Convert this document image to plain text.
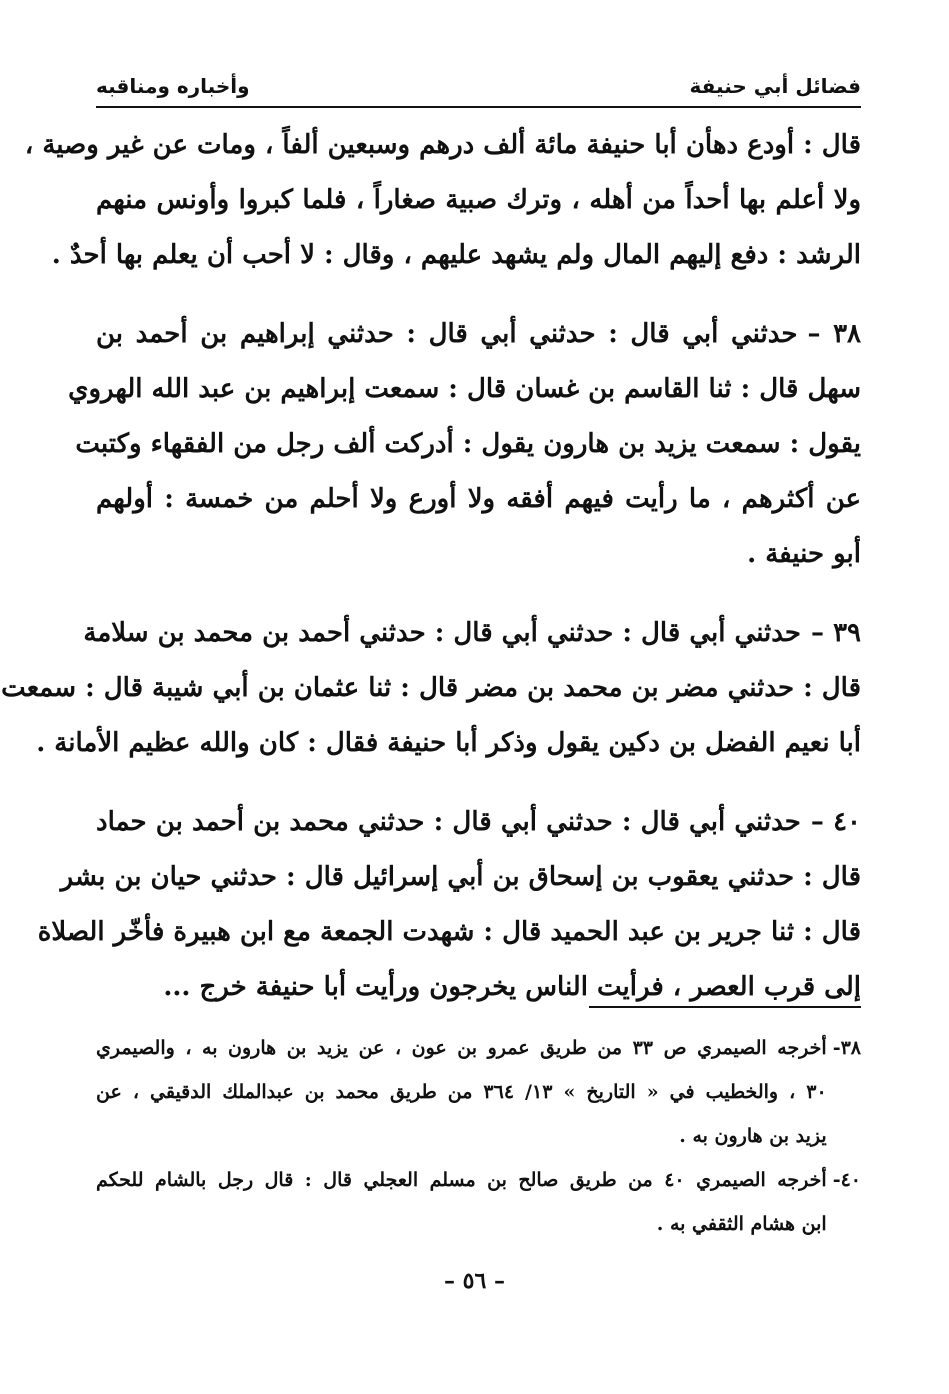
فضائل أبي حنيفة
وأخباره ومناقبه

قال : أودع دهأن أبا حنيفة مائة ألف درهم وسبعين ألفاً ، ومات عن غير وصية ،
ولا أعلم بها أحداً من أهله ، وترك صبية صغاراً ، فلما كبروا وأونس منهم
الرشد : دفع إليهم المال ولم يشهد عليهم ، وقال : لا أحب أن يعلم بها أحدٌ .

٣٨ –حدثني أبي قال : حدثني أبي قال : حدثني إبراهيم بن أحمد بن
سهل قال : ثنا القاسم بن غسان قال : سمعت إبراهيم بن عبد الله الهروي
يقول : سمعت يزيد بن هارون يقول : أدركت ألف رجل من الفقهاء وكتبت
عن أكثرهم ، ما رأيت فيهم أفقه ولا أورع ولا أحلم من خمسة : أولهم
أبو حنيفة .

٣٩ –حدثني أبي قال : حدثني أبي قال : حدثني أحمد بن محمد بن سلامة
قال : حدثني مضر بن محمد بن مضر قال : ثنا عثمان بن أبي شيبة قال : سمعت
أبا نعيم الفضل بن دكين يقول وذكر أبا حنيفة فقال : كان والله عظيم الأمانة .

٤٠ –حدثني أبي قال : حدثني أبي قال : حدثني محمد بن أحمد بن حماد
قال : حدثني يعقوب بن إسحاق بن أبي إسرائيل قال : حدثني حيان بن بشر
قال : ثنا جرير بن عبد الحميد قال : شهدت الجمعة مع ابن هبيرة فأخّر الصلاة
إلى قرب العصر ، فرأيت الناس يخرجون ورأيت أبا حنيفة خرج ...

٣٨-
أخرجه الصيمري ص ٣٣ من طريق عمرو بن عون ، عن يزيد بن هارون به ، والصيمري
٣٠ ، والخطيب في « التاريخ » ١٣/ ٣٦٤ من طريق محمد بن عبدالملك الدقيقي ، عن
يزيد بن هارون به .
٤٠-
أخرجه الصيمري ٤٠ من طريق صالح بن مسلم العجلي قال : قال رجل بالشام للحكم
ابن هشام الثقفي به .
– ٥٦ –
